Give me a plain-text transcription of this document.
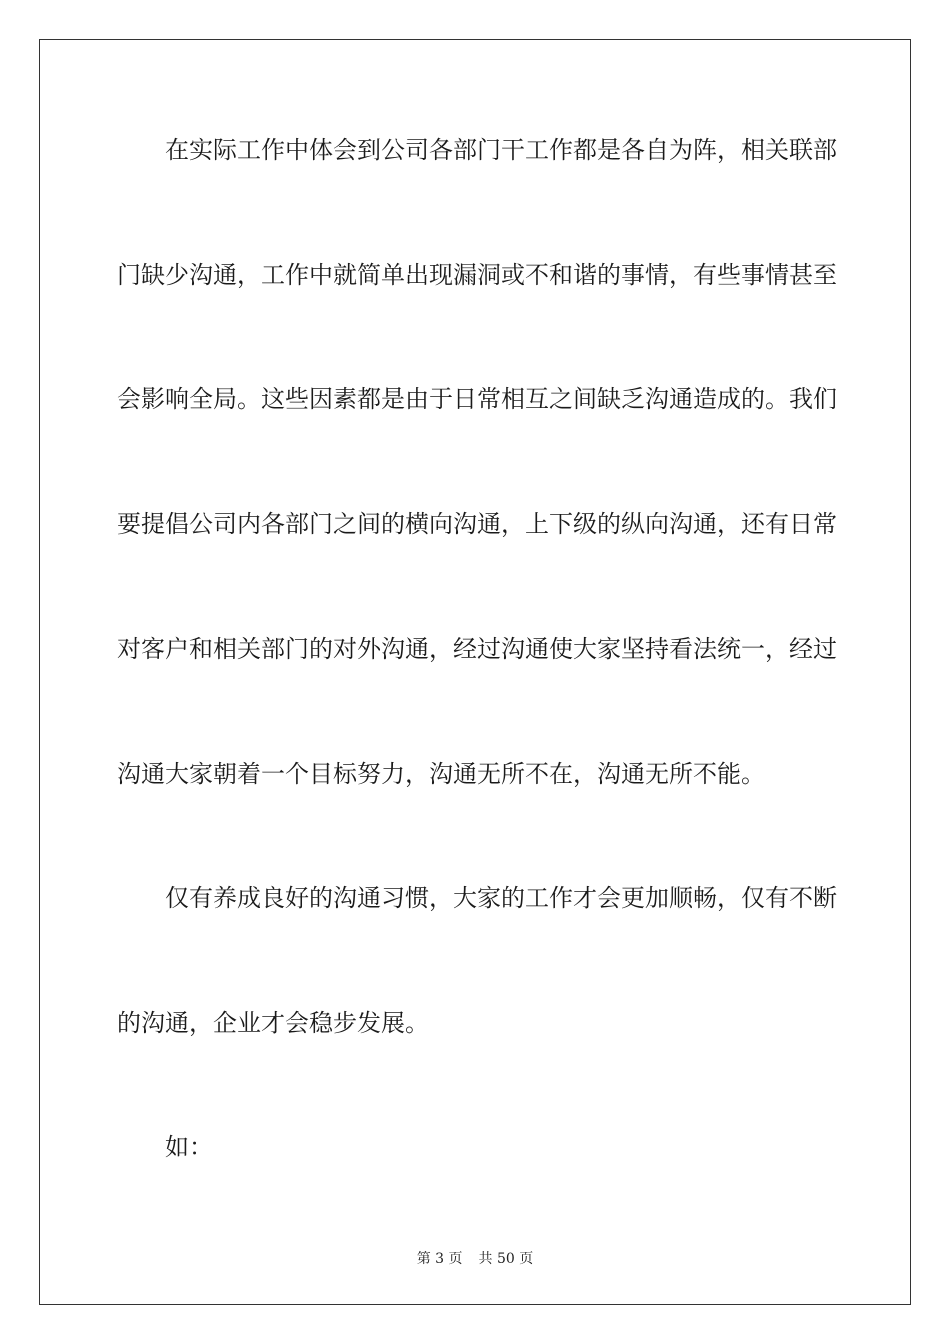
在实际工作中体会到公司各部门干工作都是各自为阵，相关联部
门缺少沟通，工作中就简单出现漏洞或不和谐的事情，有些事情甚至
会影响全局。这些因素都是由于日常相互之间缺乏沟通造成的。我们
要提倡公司内各部门之间的横向沟通，上下级的纵向沟通，还有日常
对客户和相关部门的对外沟通，经过沟通使大家坚持看法统一，经过
沟通大家朝着一个目标努力，沟通无所不在，沟通无所不能。
仅有养成良好的沟通习惯，大家的工作才会更加顺畅，仅有不断
的沟通，企业才会稳步发展。
如：
第 3 页 共 50 页
